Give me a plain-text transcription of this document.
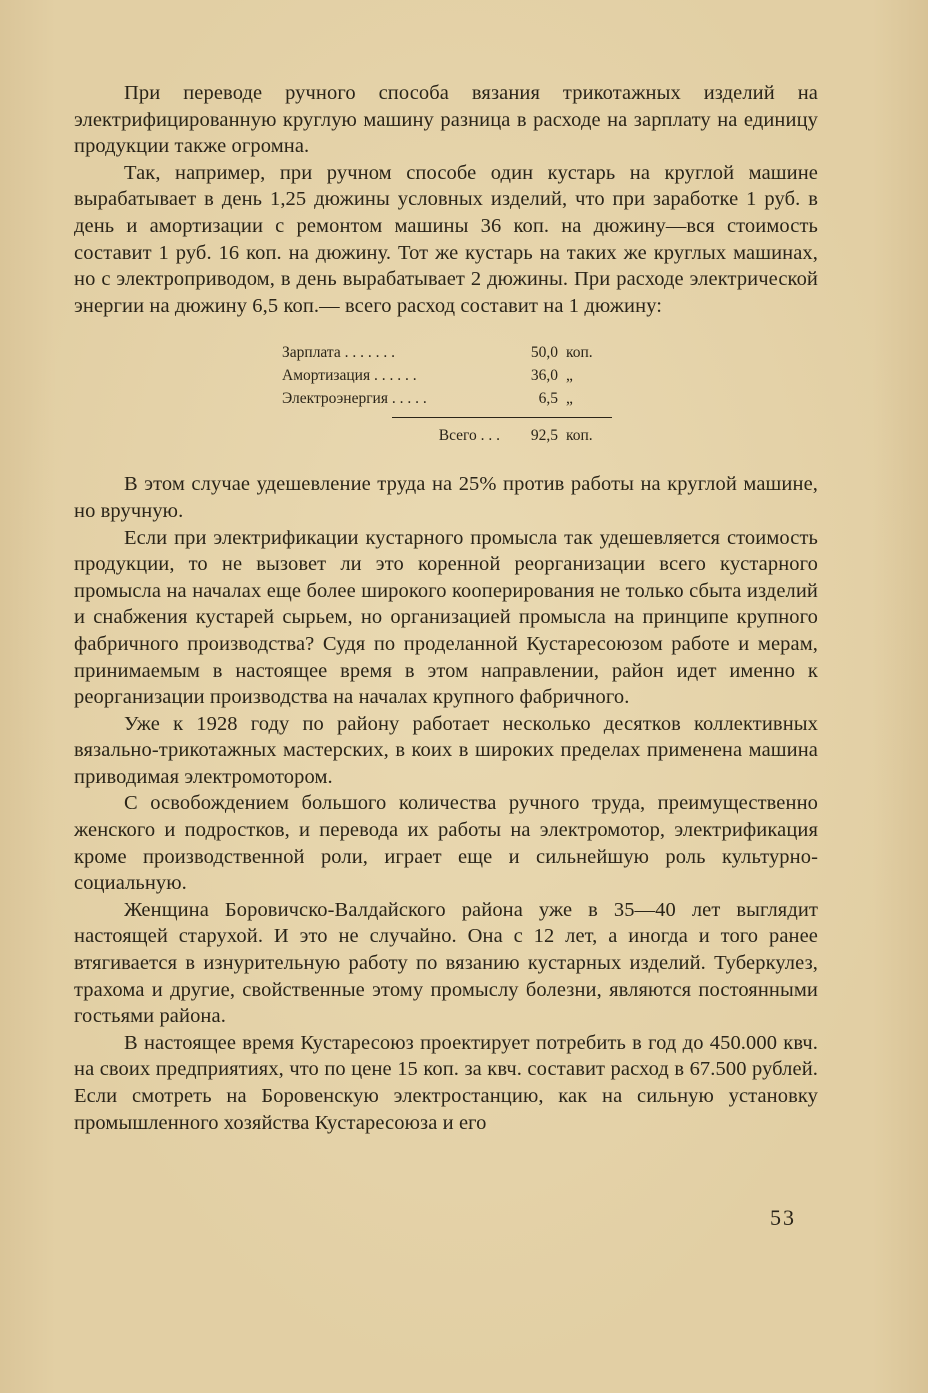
При переводе ручного способа вязания трикотажных изделий на электрифицированную круглую машину разница в расходе на зарплату на единицу продукции также огромна.

Так, например, при ручном способе один кустарь на круглой машине вырабатывает в день 1,25 дюжины условных изделий, что при заработке 1 руб. в день и амортизации с ремонтом машины 36 коп. на дюжину—вся стоимость составит 1 руб. 16 коп. на дюжину. Тот же кустарь на таких же круглых машинах, но с электроприводом, в день вырабатывает 2 дюжины. При расходе электрической энергии на дюжину 6,5 коп.— всего расход составит на 1 дюжину:

Зарплата . . . . . . .	50,0 коп.
Амортизация . . . . . .	36,0 „
Электроэнергия . . . . .	6,5 „
Всего . . .	92,5 коп.

В этом случае удешевление труда на 25% против работы на круглой машине, но вручную.

Если при электрификации кустарного промысла так удешевляется стоимость продукции, то не вызовет ли это коренной реорганизации всего кустарного промысла на началах еще более широкого кооперирования не только сбыта изделий и снабжения кустарей сырьем, но организацией промысла на принципе крупного фабричного производства? Судя по проделанной Кустаресоюзом работе и мерам, принимаемым в настоящее время в этом направлении, район идет именно к реорганизации производства на началах крупного фабричного.

Уже к 1928 году по району работает несколько десятков коллективных вязально-трикотажных мастерских, в коих в широких пределах применена машина приводимая электромотором.

С освобождением большого количества ручного труда, преимущественно женского и подростков, и перевода их работы на электромотор, электрификация кроме производственной роли, играет еще и сильнейшую роль культурно-социальную.

Женщина Боровичско-Валдайского района уже в 35—40 лет выглядит настоящей старухой. И это не случайно. Она с 12 лет, а иногда и того ранее втягивается в изнурительную работу по вязанию кустарных изделий. Туберкулез, трахома и другие, свойственные этому промыслу болезни, являются постоянными гостьями района.

В настоящее время Кустаресоюз проектирует потребить в год до 450.000 квч. на своих предприятиях, что по цене 15 коп. за квч. составит расход в 67.500 рублей. Если смотреть на Боровенскую электростанцию, как на сильную установку промышленного хозяйства Кустаресоюза и его

53
